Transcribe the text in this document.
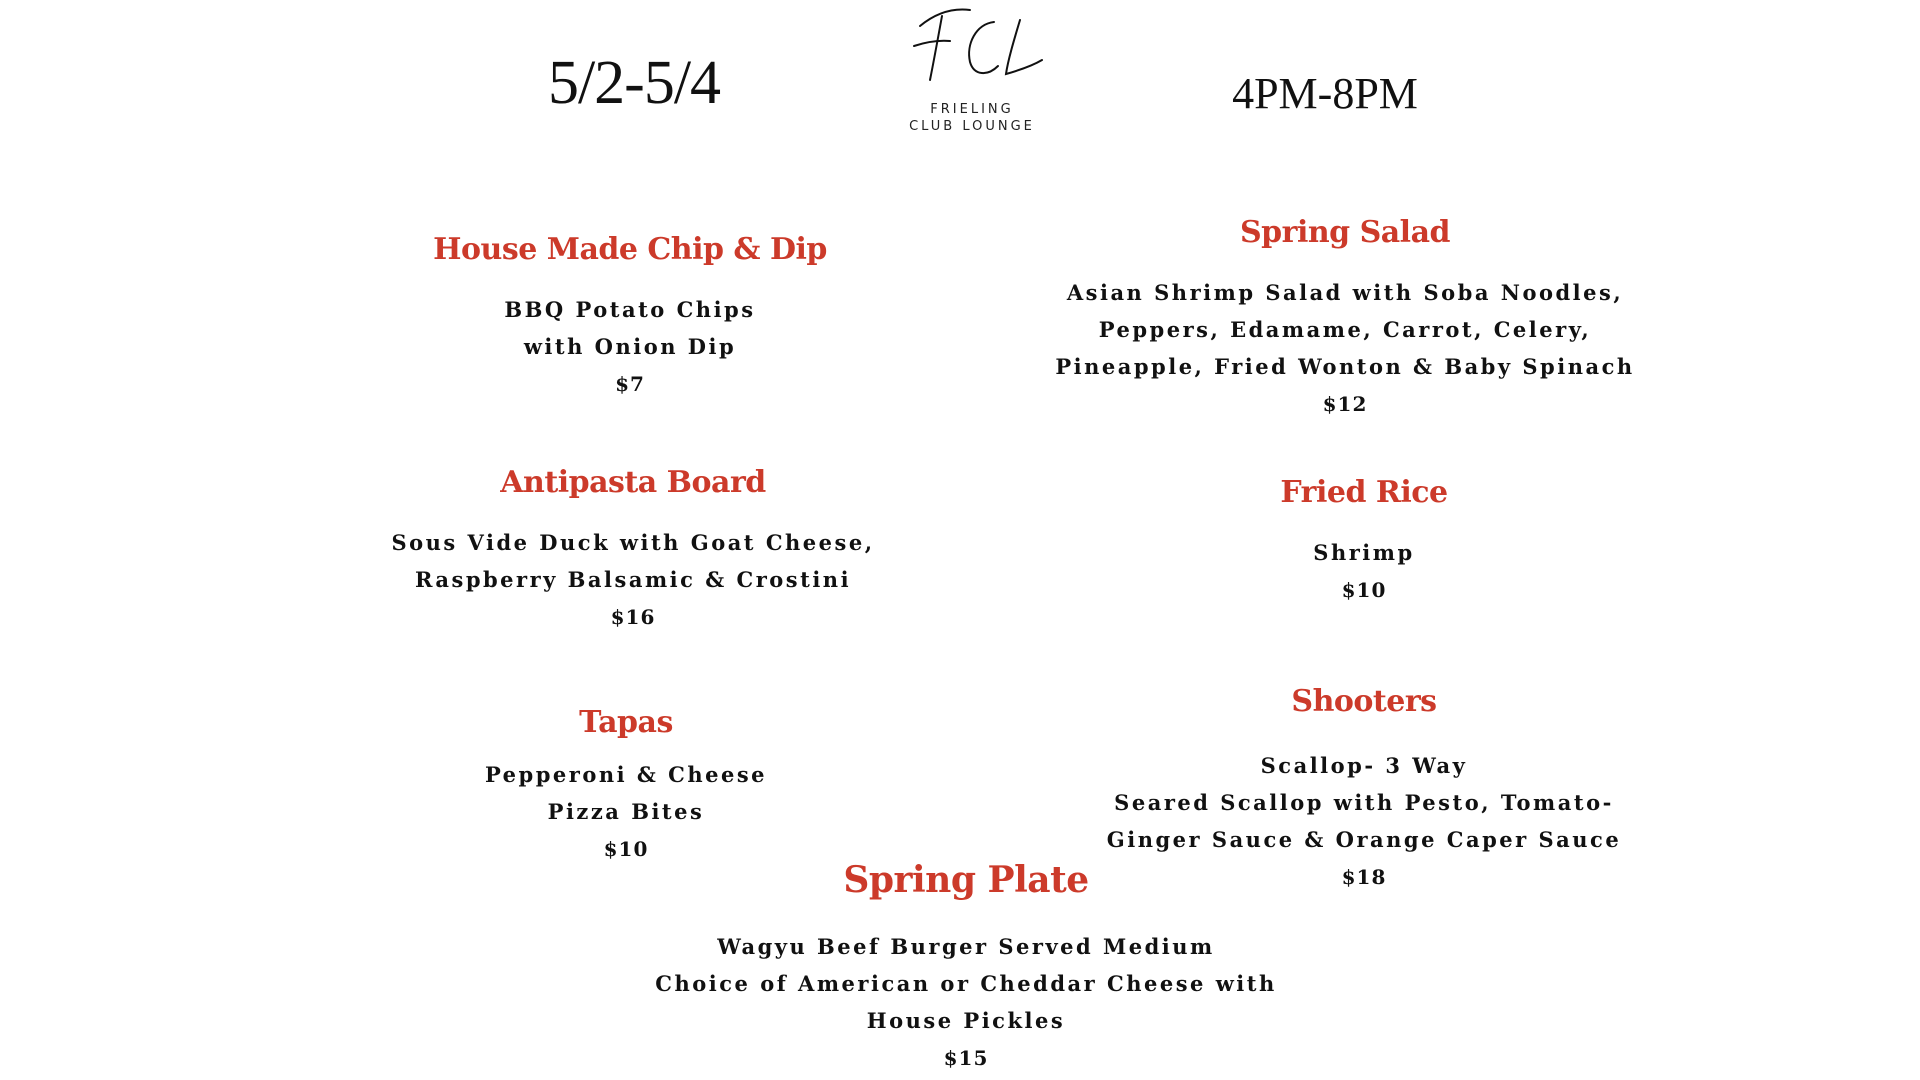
5/2-5/4	FRIELING
CLUB LOUNGE
4PM-8PM
House Made Chip & Dip
BBQ Potato Chips
with Onion Dip
$7
Spring Salad
Asian Shrimp Salad with Soba Noodles,
Peppers, Edamame, Carrot, Celery,
Pineapple, Fried Wonton & Baby Spinach
$12
Antipasta Board
Sous Vide Duck with Goat Cheese,
Raspberry Balsamic & Crostini
$16
Fried Rice
Shrimp
$10
Tapas
Pepperoni & Cheese
Pizza Bites
$10
Shooters
Scallop- 3 Way
Seared Scallop with Pesto, Tomato-
Ginger Sauce & Orange Caper Sauce
$18
Spring Plate
Wagyu Beef Burger Served Medium
Choice of American or Cheddar Cheese with
House Pickles
$15
